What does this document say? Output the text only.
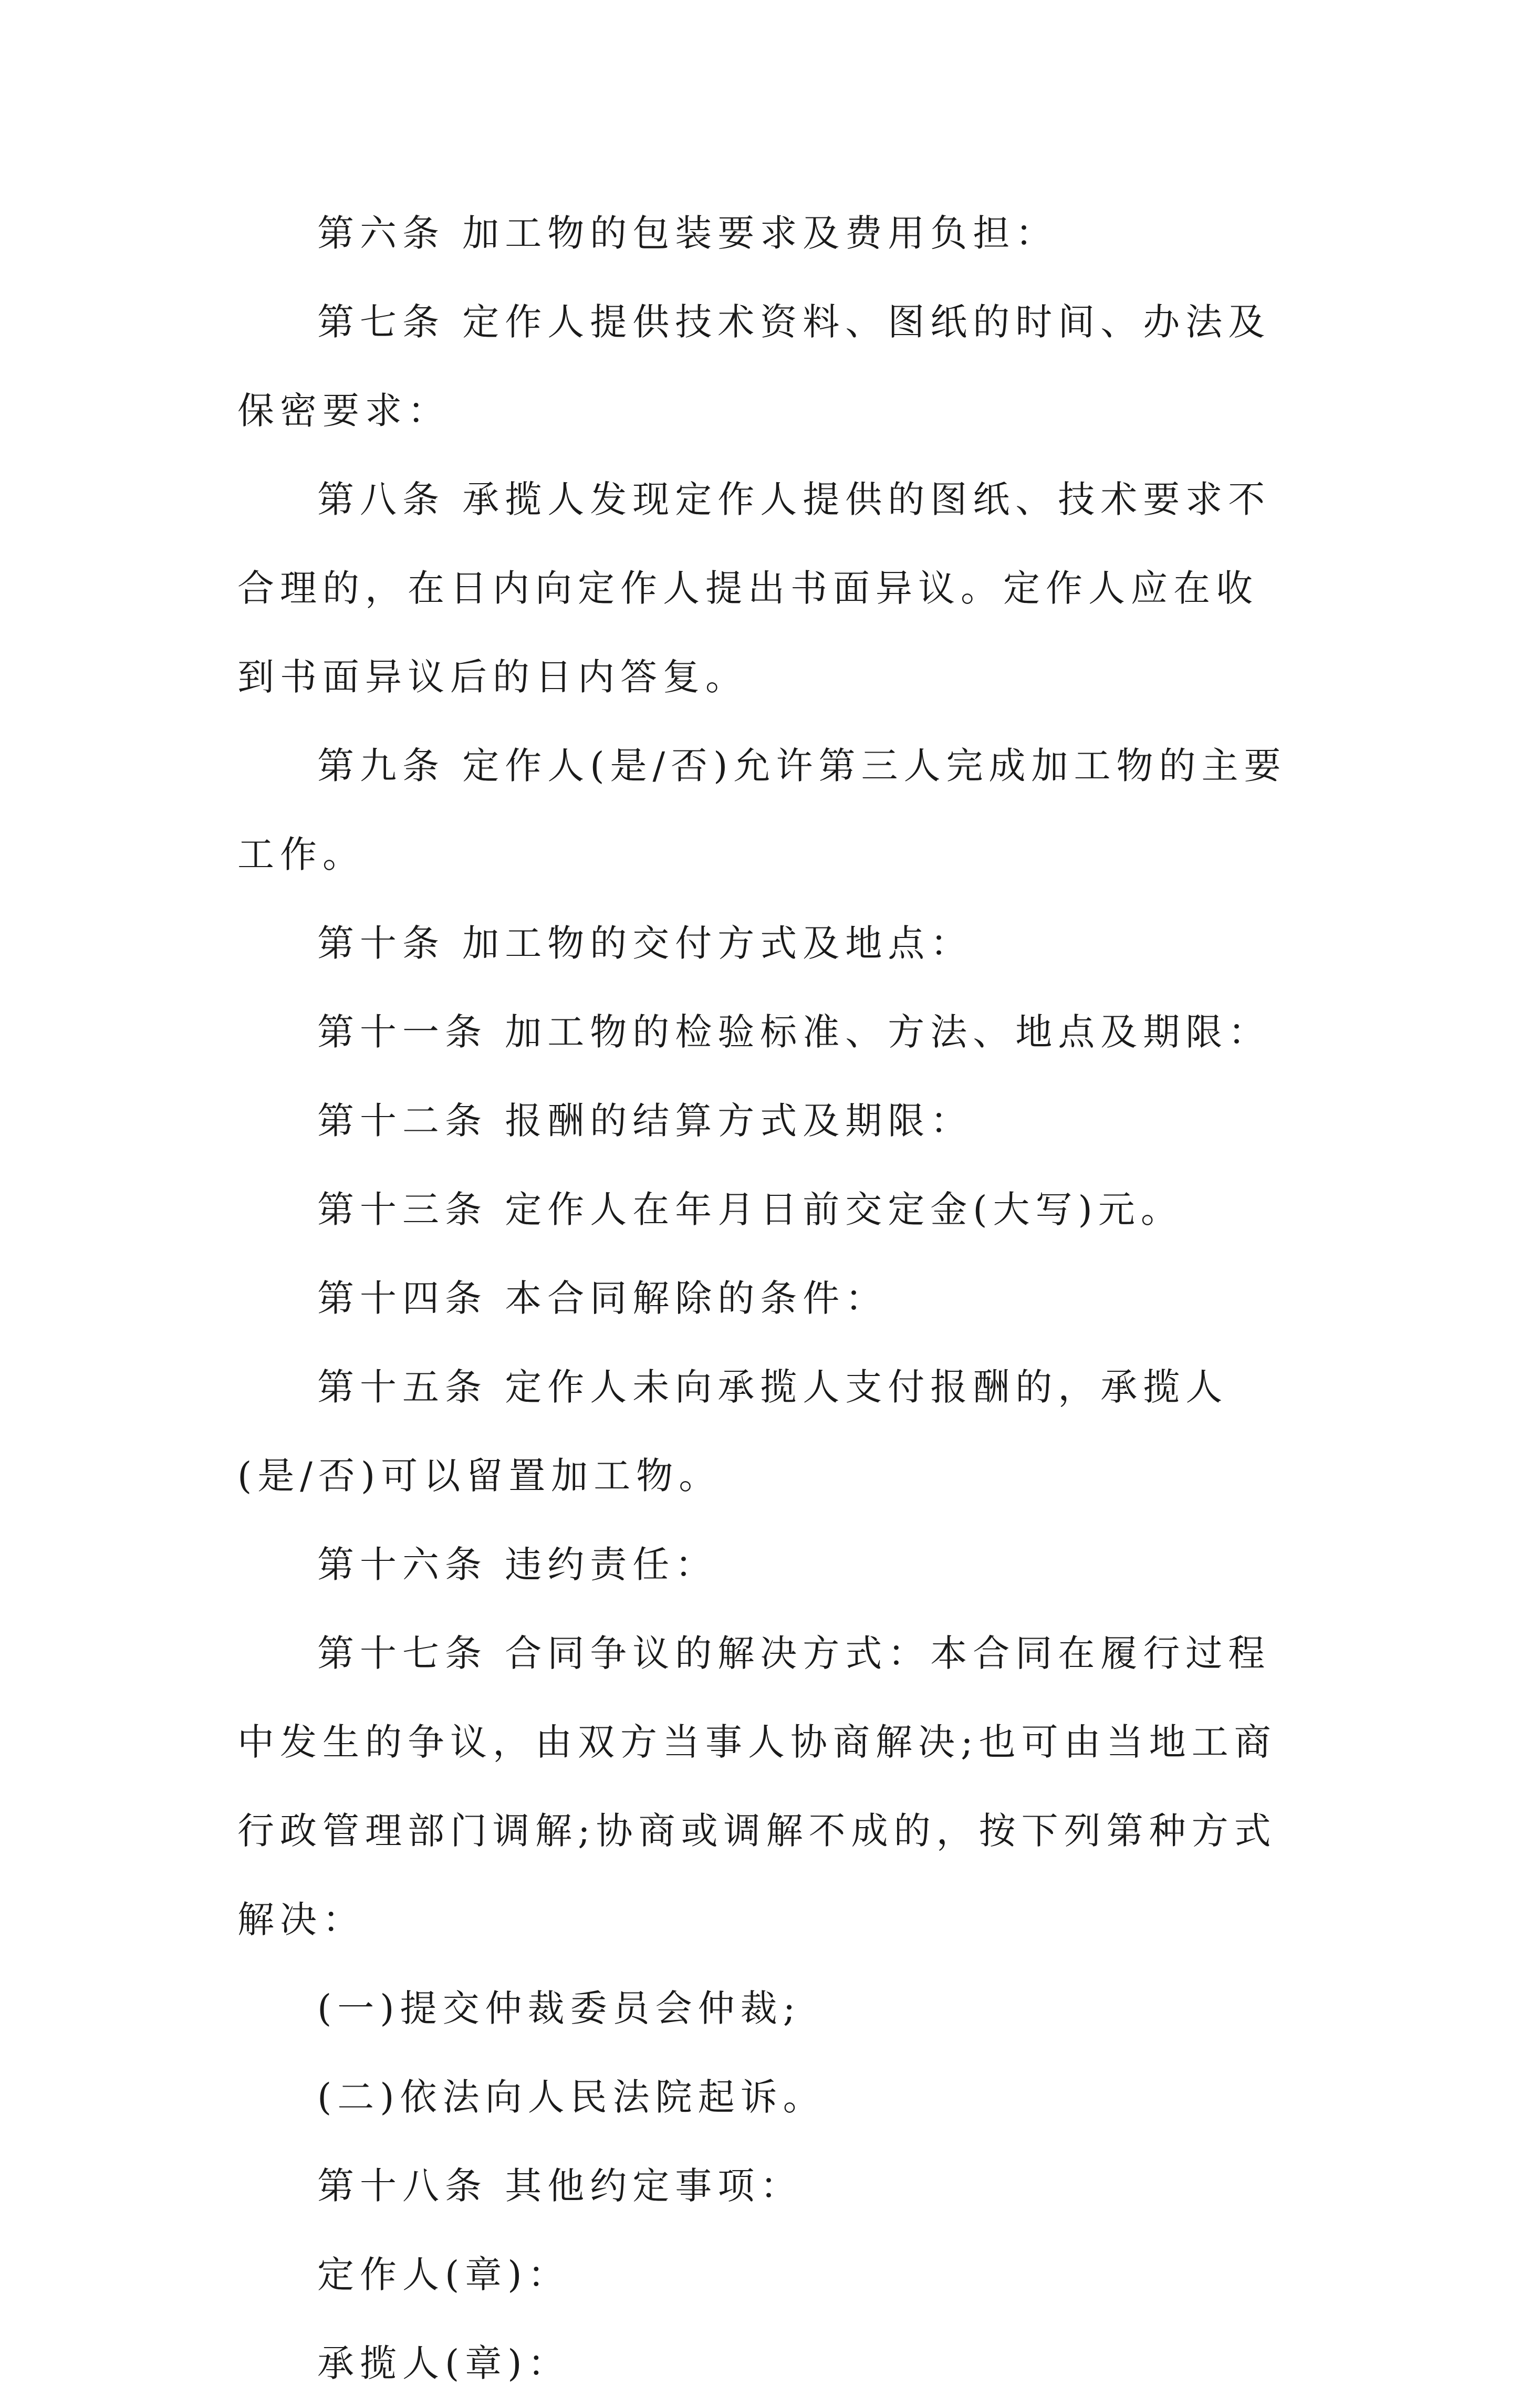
第六条 加工物的包装要求及费用负担：

第七条 定作人提供技术资料、图纸的时间、办法及保密要求：

第八条 承揽人发现定作人提供的图纸、技术要求不合理的，在日内向定作人提出书面异议。定作人应在收到书面异议后的日内答复。

第九条 定作人(是/否)允许第三人完成加工物的主要工作。

第十条 加工物的交付方式及地点：

第十一条 加工物的检验标准、方法、地点及期限：

第十二条 报酬的结算方式及期限：

第十三条 定作人在年月日前交定金(大写)元。

第十四条 本合同解除的条件：

第十五条 定作人未向承揽人支付报酬的，承揽人(是/否)可以留置加工物。

第十六条 违约责任：

第十七条 合同争议的解决方式：本合同在履行过程中发生的争议，由双方当事人协商解决;也可由当地工商行政管理部门调解;协商或调解不成的，按下列第种方式解决：

(一)提交仲裁委员会仲裁;

(二)依法向人民法院起诉。

第十八条 其他约定事项：

定作人(章)：

承揽人(章)：
